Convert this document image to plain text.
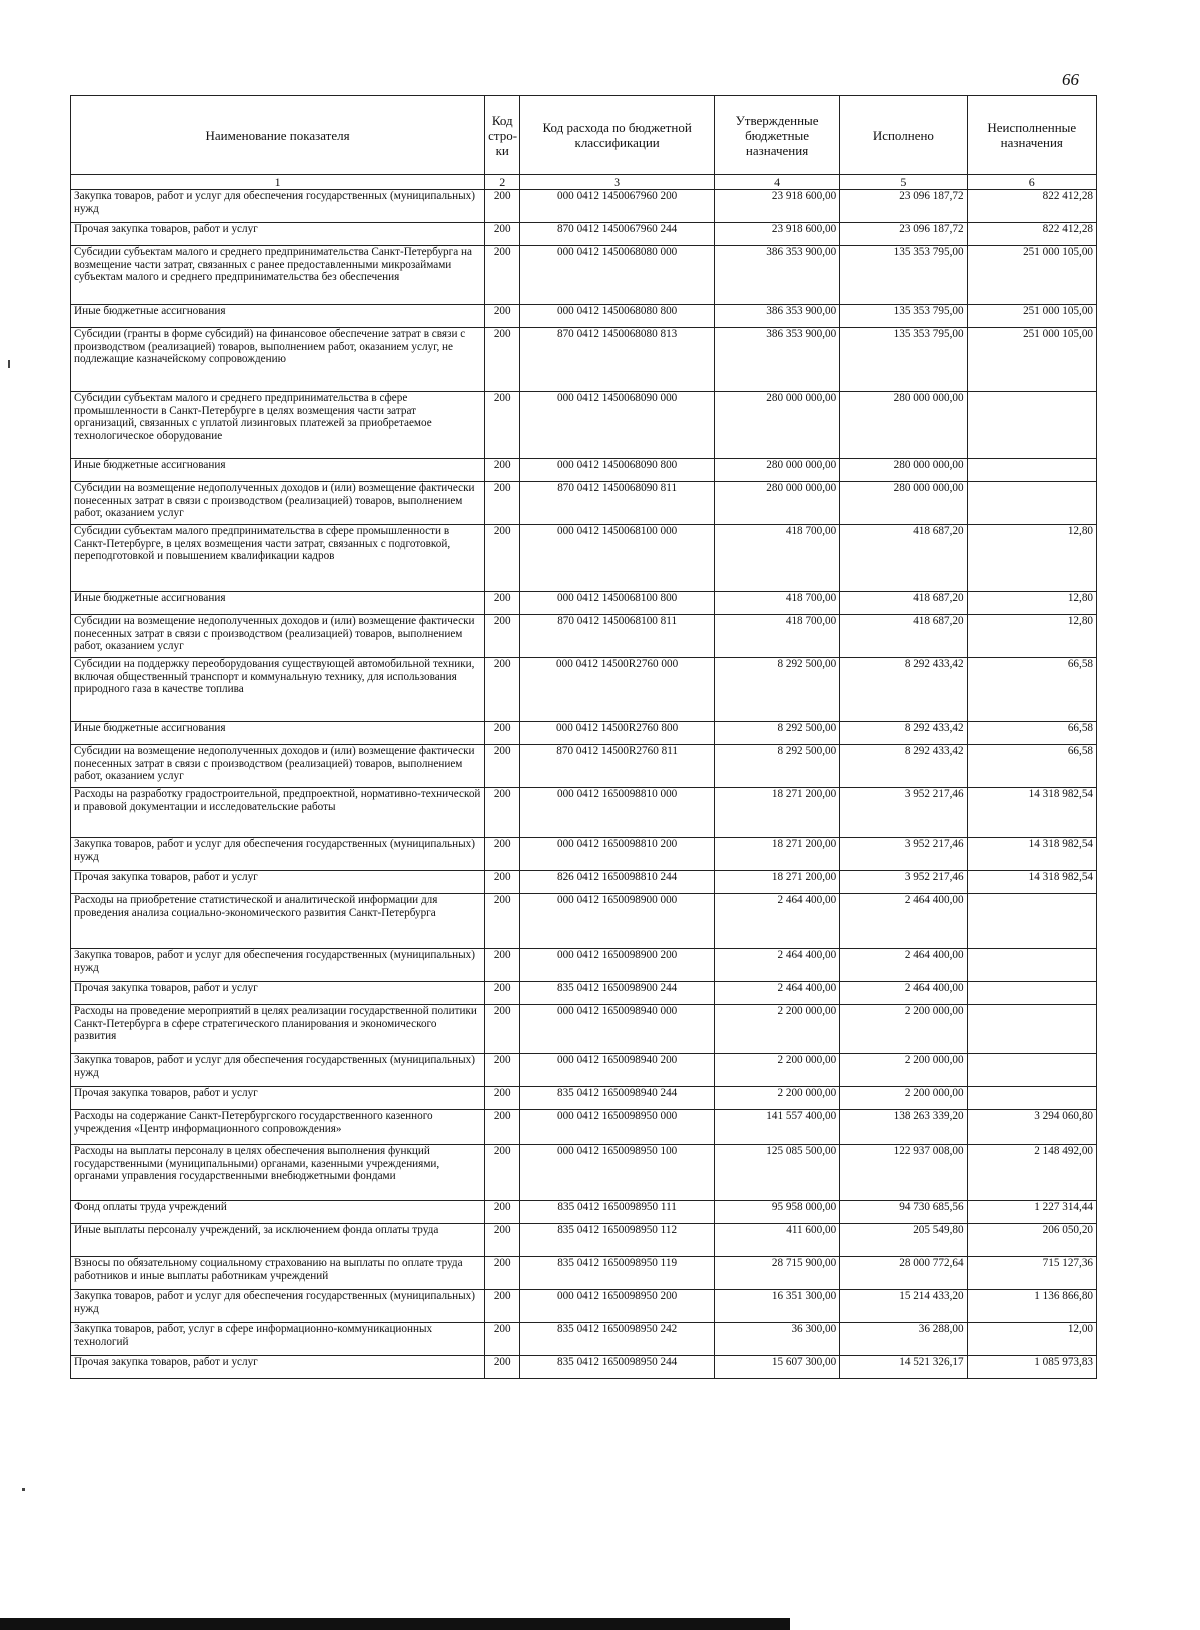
66
Наименование показателя	Код стро-ки	Код расхода по бюджетной классификации	Утвержденные бюджетные назначения	Исполнено	Неисполненные назначения
1	2	3	4	5	6
Закупка товаров, работ и услуг для обеспечения государственных (муниципальных) нужд	200	000 0412 1450067960 200	23 918 600,00	23 096 187,72	822 412,28
Прочая закупка товаров, работ и услуг	200	870 0412 1450067960 244	23 918 600,00	23 096 187,72	822 412,28
Субсидии субъектам малого и среднего предпринимательства Санкт-Петербурга на возмещение части затрат, связанных с ранее предоставленными микрозаймами субъектам малого и среднего предпринимательства без обеспечения	200	000 0412 1450068080 000	386 353 900,00	135 353 795,00	251 000 105,00
Иные бюджетные ассигнования	200	000 0412 1450068080 800	386 353 900,00	135 353 795,00	251 000 105,00
Субсидии (гранты в форме субсидий) на финансовое обеспечение затрат в связи с производством (реализацией) товаров, выполнением работ, оказанием услуг, не подлежащие казначейскому сопровождению	200	870 0412 1450068080 813	386 353 900,00	135 353 795,00	251 000 105,00
Субсидии субъектам малого и среднего предпринимательства в сфере промышленности в Санкт-Петербурге в целях возмещения части затрат организаций, связанных с уплатой лизинговых платежей за приобретаемое технологическое оборудование	200	000 0412 1450068090 000	280 000 000,00	280 000 000,00	
Иные бюджетные ассигнования	200	000 0412 1450068090 800	280 000 000,00	280 000 000,00	
Субсидии на возмещение недополученных доходов и (или) возмещение фактически понесенных затрат в связи с производством (реализацией) товаров, выполнением работ, оказанием услуг	200	870 0412 1450068090 811	280 000 000,00	280 000 000,00	
Субсидии субъектам малого предпринимательства в сфере промышленности в Санкт-Петербурге, в целях возмещения части затрат, связанных с подготовкой, переподготовкой и повышением квалификации кадров	200	000 0412 1450068100 000	418 700,00	418 687,20	12,80
Иные бюджетные ассигнования	200	000 0412 1450068100 800	418 700,00	418 687,20	12,80
Субсидии на возмещение недополученных доходов и (или) возмещение фактически понесенных затрат в связи с производством (реализацией) товаров, выполнением работ, оказанием услуг	200	870 0412 1450068100 811	418 700,00	418 687,20	12,80
Субсидии на поддержку переоборудования существующей автомобильной техники, включая общественный транспорт и коммунальную технику, для использования природного газа в качестве топлива	200	000 0412 14500R2760 000	8 292 500,00	8 292 433,42	66,58
Иные бюджетные ассигнования	200	000 0412 14500R2760 800	8 292 500,00	8 292 433,42	66,58
Субсидии на возмещение недополученных доходов и (или) возмещение фактически понесенных затрат в связи с производством (реализацией) товаров, выполнением работ, оказанием услуг	200	870 0412 14500R2760 811	8 292 500,00	8 292 433,42	66,58
Расходы на разработку градостроительной, предпроектной, нормативно-технической и правовой документации и исследовательские работы	200	000 0412 1650098810 000	18 271 200,00	3 952 217,46	14 318 982,54
Закупка товаров, работ и услуг для обеспечения государственных (муниципальных) нужд	200	000 0412 1650098810 200	18 271 200,00	3 952 217,46	14 318 982,54
Прочая закупка товаров, работ и услуг	200	826 0412 1650098810 244	18 271 200,00	3 952 217,46	14 318 982,54
Расходы на приобретение статистической и аналитической информации для проведения анализа социально-экономического развития Санкт-Петербурга	200	000 0412 1650098900 000	2 464 400,00	2 464 400,00	
Закупка товаров, работ и услуг для обеспечения государственных (муниципальных) нужд	200	000 0412 1650098900 200	2 464 400,00	2 464 400,00	
Прочая закупка товаров, работ и услуг	200	835 0412 1650098900 244	2 464 400,00	2 464 400,00	
Расходы на проведение мероприятий в целях реализации государственной политики Санкт-Петербурга в сфере стратегического планирования и экономического развития	200	000 0412 1650098940 000	2 200 000,00	2 200 000,00	
Закупка товаров, работ и услуг для обеспечения государственных (муниципальных) нужд	200	000 0412 1650098940 200	2 200 000,00	2 200 000,00	
Прочая закупка товаров, работ и услуг	200	835 0412 1650098940 244	2 200 000,00	2 200 000,00	
Расходы на содержание Санкт-Петербургского государственного казенного учреждения «Центр информационного сопровождения»	200	000 0412 1650098950 000	141 557 400,00	138 263 339,20	3 294 060,80
Расходы на выплаты персоналу в целях обеспечения выполнения функций государственными (муниципальными) органами, казенными учреждениями, органами управления государственными внебюджетными фондами	200	000 0412 1650098950 100	125 085 500,00	122 937 008,00	2 148 492,00
Фонд оплаты труда учреждений	200	835 0412 1650098950 111	95 958 000,00	94 730 685,56	1 227 314,44
Иные выплаты персоналу учреждений, за исключением фонда оплаты труда	200	835 0412 1650098950 112	411 600,00	205 549,80	206 050,20
Взносы по обязательному социальному страхованию на выплаты по оплате труда работников и иные выплаты работникам учреждений	200	835 0412 1650098950 119	28 715 900,00	28 000 772,64	715 127,36
Закупка товаров, работ и услуг для обеспечения государственных (муниципальных) нужд	200	000 0412 1650098950 200	16 351 300,00	15 214 433,20	1 136 866,80
Закупка товаров, работ, услуг в сфере информационно-коммуникационных технологий	200	835 0412 1650098950 242	36 300,00	36 288,00	12,00
Прочая закупка товаров, работ и услуг	200	835 0412 1650098950 244	15 607 300,00	14 521 326,17	1 085 973,83
